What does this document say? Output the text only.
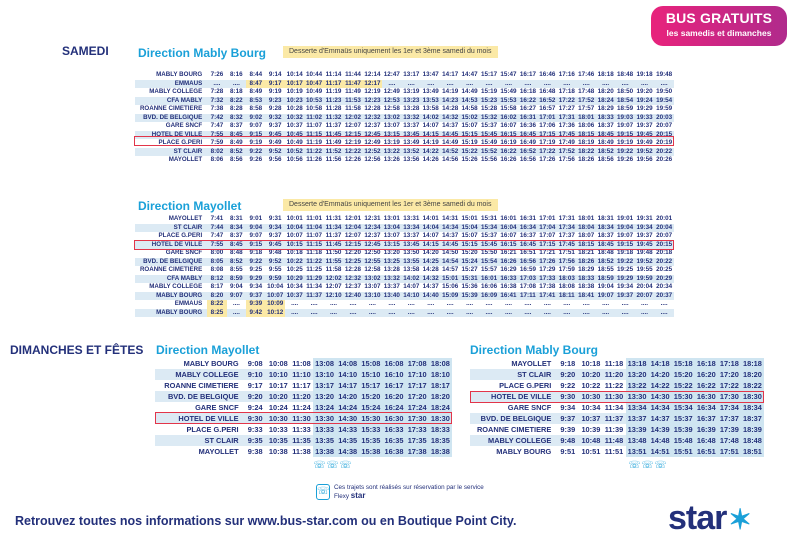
BUS GRATUITS
les samedis et dimanches
SAMEDI Direction Mably Bourg	Desserte d'Emmaüs uniquement les 1er et 3ème samedi du mois
MABLY BOURG	7:26	8:16	8:44	9:14	10:14	10:44	11:14	11:44	12:14	12:47	13:17	13:47	14:17	14:47	15:17	15:47	16:17	16:46	17:16	17:46	18:18	18:48	19:18	19:48
EMMAUS	....	....	8:47	9:17	10:17	10:47	11:17	11:47	12:17	....	....	....	....	....	....	....	....	....	....	....	....	....	....	....
MABLY COLLEGE	7:28	8:18	8:49	9:19	10:19	10:49	11:19	11:49	12:19	12:49	13:19	13:49	14:19	14:49	15:19	15:49	16:18	16:48	17:18	17:48	18:20	18:50	19:20	19:50
CFA MABLY	7:32	8:22	8:53	9:23	10:23	10:53	11:23	11:53	12:23	12:53	13:23	13:53	14:23	14:53	15:23	15:53	16:22	16:52	17:22	17:52	18:24	18:54	19:24	19:54
ROANNE CIMETIERE	7:38	8:28	8:58	9:28	10:28	10:58	11:28	11:58	12:28	12:58	13:28	13:58	14:28	14:58	15:28	15:58	16:27	16:57	17:27	17:57	18:29	18:59	19:29	19:59
BVD. DE BELGIQUE	7:42	8:32	9:02	9:32	10:32	11:02	11:32	12:02	12:32	13:02	13:32	14:02	14:32	15:02	15:32	16:02	16:31	17:01	17:31	18:01	18:33	19:03	19:33	20:03
GARE SNCF	7:47	8:37	9:07	9:37	10:37	11:07	11:37	12:07	12:37	13:07	13:37	14:07	14:37	15:07	15:37	16:07	16:36	17:06	17:36	18:06	18:37	19:07	19:37	20:07
HOTEL DE VILLE	7:55	8:45	9:15	9:45	10:45	11:15	11:45	12:15	12:45	13:15	13:45	14:15	14:45	15:15	15:45	16:15	16:45	17:15	17:45	18:15	18:45	19:15	19:45	20:15
PLACE G.PERI	7:59	8:49	9:19	9:49	10:49	11:19	11:49	12:19	12:49	13:19	13:49	14:19	14:49	15:19	15:49	16:19	16:49	17:19	17:49	18:19	18:49	19:19	19:49	20:19
ST CLAIR	8:02	8:52	9:22	9:52	10:52	11:22	11:52	12:22	12:52	13:22	13:52	14:22	14:52	15:22	15:52	16:22	16:52	17:22	17:52	18:22	18:52	19:22	19:52	20:22
MAYOLLET	8:06	8:56	9:26	9:56	10:56	11:26	11:56	12:26	12:56	13:26	13:56	14:26	14:56	15:26	15:56	16:26	16:56	17:26	17:56	18:26	18:56	19:26	19:56	20:26
Direction Mayollet	Desserte d'Emmaüs uniquement les 1er et 3ème samedi du mois
MAYOLLET	7:41	8:31	9:01	9:31	10:01	11:01	11:31	12:01	12:31	13:01	13:31	14:01	14:31	15:01	15:31	16:01	16:31	17:01	17:31	18:01	18:31	19:01	19:31	20:01
ST CLAIR	7:44	8:34	9:04	9:34	10:04	11:04	11:34	12:04	12:34	13:04	13:34	14:04	14:34	15:04	15:34	16:04	16:34	17:04	17:34	18:04	18:34	19:04	19:34	20:04
PLACE G.PERI	7:47	8:37	9:07	9:37	10:07	11:07	11:37	12:07	12:37	13:07	13:37	14:07	14:37	15:07	15:37	16:07	16:37	17:07	17:37	18:07	18:37	19:07	19:37	20:07
HOTEL DE VILLE	7:55	8:45	9:15	9:45	10:15	11:15	11:45	12:15	12:45	13:15	13:45	14:15	14:45	15:15	15:45	16:15	16:45	17:15	17:45	18:15	18:45	19:15	19:45	20:15
GARE SNCF	8:00	8:48	9:18	9:48	10:18	11:18	11:50	12:20	12:50	13:20	13:50	14:20	14:50	15:20	15:50	16:21	16:51	17:21	17:51	18:21	18:48	19:18	19:48	20:18
BVD. DE BELGIQUE	8:05	8:52	9:22	9:52	10:22	11:22	11:55	12:25	12:55	13:25	13:55	14:25	14:54	15:24	15:54	16:26	16:56	17:26	17:56	18:26	18:52	19:22	19:52	20:22
ROANNE CIMETIERE	8:08	8:55	9:25	9:55	10:25	11:25	11:58	12:28	12:58	13:28	13:58	14:28	14:57	15:27	15:57	16:29	16:59	17:29	17:59	18:29	18:55	19:25	19:55	20:25
CFA MABLY	8:12	8:59	9:29	9:59	10:29	11:29	12:02	12:32	13:02	13:32	14:02	14:32	15:01	15:31	16:01	16:33	17:03	17:33	18:03	18:33	18:59	19:29	19:59	20:29
MABLY COLLEGE	8:17	9:04	9:34	10:04	10:34	11:34	12:07	12:37	13:07	13:37	14:07	14:37	15:06	15:36	16:06	16:38	17:08	17:38	18:08	18:38	19:04	19:34	20:04	20:34
MABLY BOURG	8:20	9:07	9:37	10:07	10:37	11:37	12:10	12:40	13:10	13:40	14:10	14:40	15:09	15:39	16:09	16:41	17:11	17:41	18:11	18:41	19:07	19:37	20:07	20:37
EMMAUS	8:22	....	9:39	10:09	....	....	....	....	....	....	....	....	....	....	....	....	....	....	....	....	....	....	....	....
MABLY BOURG	8:25	....	9:42	10:12	....	....	....	....	....	....	....	....	....	....	....	....	....	....	....	....	....	....	....	....
DIMANCHES ET FÊTES Direction Mayollet
MABLY BOURG	9:08	10:08	11:08	13:08	14:08	15:08	16:08	17:08	18:08
MABLY COLLEGE	9:10	10:10	11:10	13:10	14:10	15:10	16:10	17:10	18:10
ROANNE CIMETIERE	9:17	10:17	11:17	13:17	14:17	15:17	16:17	17:17	18:17
BVD. DE BELGIQUE	9:20	10:20	11:20	13:20	14:20	15:20	16:20	17:20	18:20
GARE SNCF	9:24	10:24	11:24	13:24	14:24	15:24	16:24	17:24	18:24
HOTEL DE VILLE	9:30	10:30	11:30	13:30	14:30	15:30	16:30	17:30	18:30
PLACE G.PERI	9:33	10:33	11:33	13:33	14:33	15:33	16:33	17:33	18:33
ST CLAIR	9:35	10:35	11:35	13:35	14:35	15:35	16:35	17:35	18:35
MAYOLLET	9:38	10:38	11:38	13:38	14:38	15:38	16:38	17:38	18:38
Direction Mably Bourg
MAYOLLET	9:18	10:18	11:18	13:18	14:18	15:18	16:18	17:18	18:18
ST CLAIR	9:20	10:20	11:20	13:20	14:20	15:20	16:20	17:20	18:20
PLACE G.PERI	9:22	10:22	11:22	13:22	14:22	15:22	16:22	17:22	18:22
HOTEL DE VILLE	9:30	10:30	11:30	13:30	14:30	15:30	16:30	17:30	18:30
GARE SNCF	9:34	10:34	11:34	13:34	14:34	15:34	16:34	17:34	18:34
BVD. DE BELGIQUE	9:37	10:37	11:37	13:37	14:37	15:37	16:37	17:37	18:37
ROANNE CIMETIERE	9:39	10:39	11:39	13:39	14:39	15:39	16:39	17:39	18:39
MABLY COLLEGE	9:48	10:48	11:48	13:48	14:48	15:48	16:48	17:48	18:48
MABLY BOURG	9:51	10:51	11:51	13:51	14:51	15:51	16:51	17:51	18:51
☏ ☏ ☏	☏ ☏ ☏
☏ Ces trajets sont réalisés sur réservation par le service Flexy star
Retrouvez toutes nos informations sur www.bus-star.com ou en Boutique Point City.	star✶
